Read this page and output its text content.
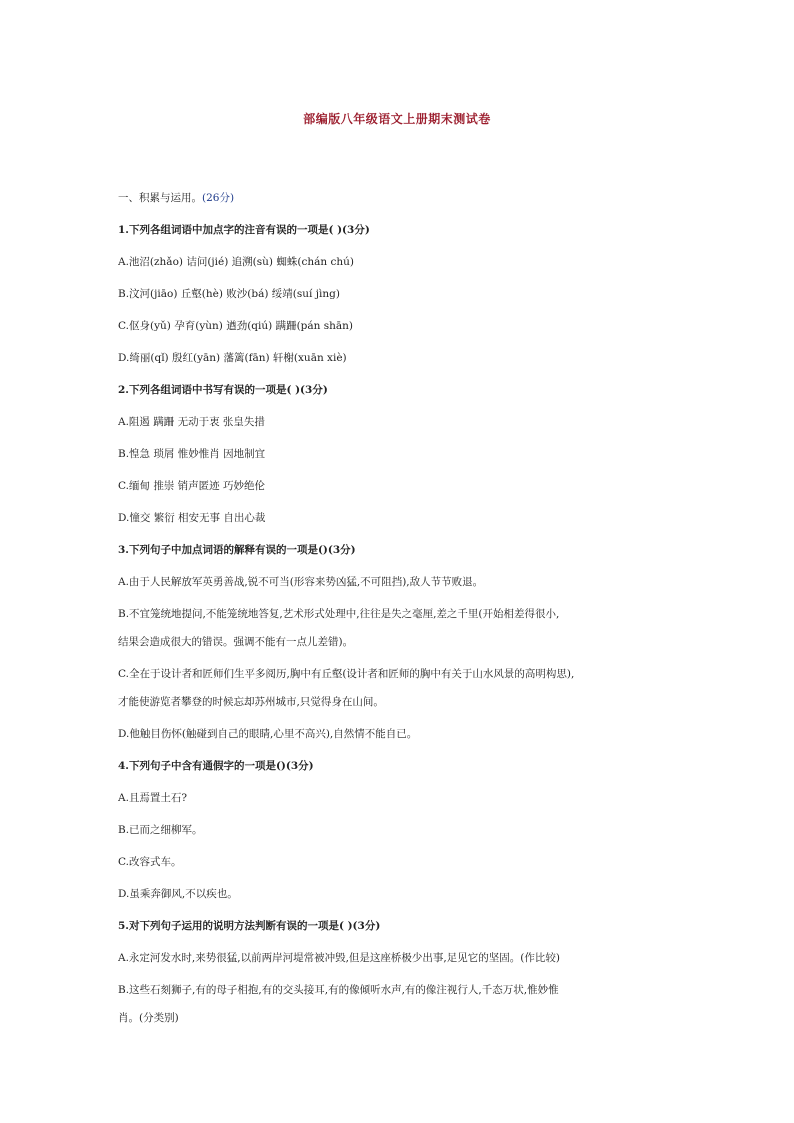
部编版八年级语文上册期末测试卷
一、积累与运用。(26分)
1.下列各组词语中加点字的注音有误的一项是( )(3分)
A.池沼(zhǎo) 诘问(jié) 追溯(sù) 蜘蛛(chán chú)
B.汶河(jiāo) 丘壑(hè) 败沙(bá) 绥靖(suí jìng)
C.伛身(yǔ) 孕育(yùn) 遒劲(qiú) 蹒跚(pán shān)
D.绮丽(qǐ) 殷红(yān) 藩篱(fān) 轩榭(xuān xiè)
2.下列各组词语中书写有误的一项是( )(3分)
A.阻遏 蹒跚 无动于衷 张皇失措
B.惶急 琐屑 惟妙惟肖 因地制宜
C.缅甸 推崇 销声匿迹 巧妙绝伦
D.憧交 繁衍 相安无事 自出心裁
3.下列句子中加点词语的解释有误的一项是()(3分)
A.由于人民解放军英勇善战,锐不可当(形容来势凶猛,不可阻挡),敌人节节败退。
B.不宜笼统地提问,不能笼统地答复,艺术形式处理中,往往是失之毫厘,差之千里(开始相差得很小,
结果会造成很大的错误。强调不能有一点儿差错)。
C.全在于设计者和匠师们生平多阅历,胸中有丘壑(设计者和匠师的胸中有关于山水风景的高明构思),
才能使游览者攀登的时候忘却苏州城市,只觉得身在山间。
D.他触目伤怀(触碰到自己的眼睛,心里不高兴),自然情不能自已。
4.下列句子中含有通假字的一项是()(3分)
A.且焉置土石?
B.已而之细柳军。
C.改容式车。
D.虽乘奔御风,不以疾也。
5.对下列句子运用的说明方法判断有误的一项是( )(3分)
A.永定河发水时,来势很猛,以前两岸河堤常被冲毁,但是这座桥极少出事,足见它的坚固。(作比较)
B.这些石刻狮子,有的母子相抱,有的交头接耳,有的像倾听水声,有的像注视行人,千态万状,惟妙惟
肖。(分类别)
